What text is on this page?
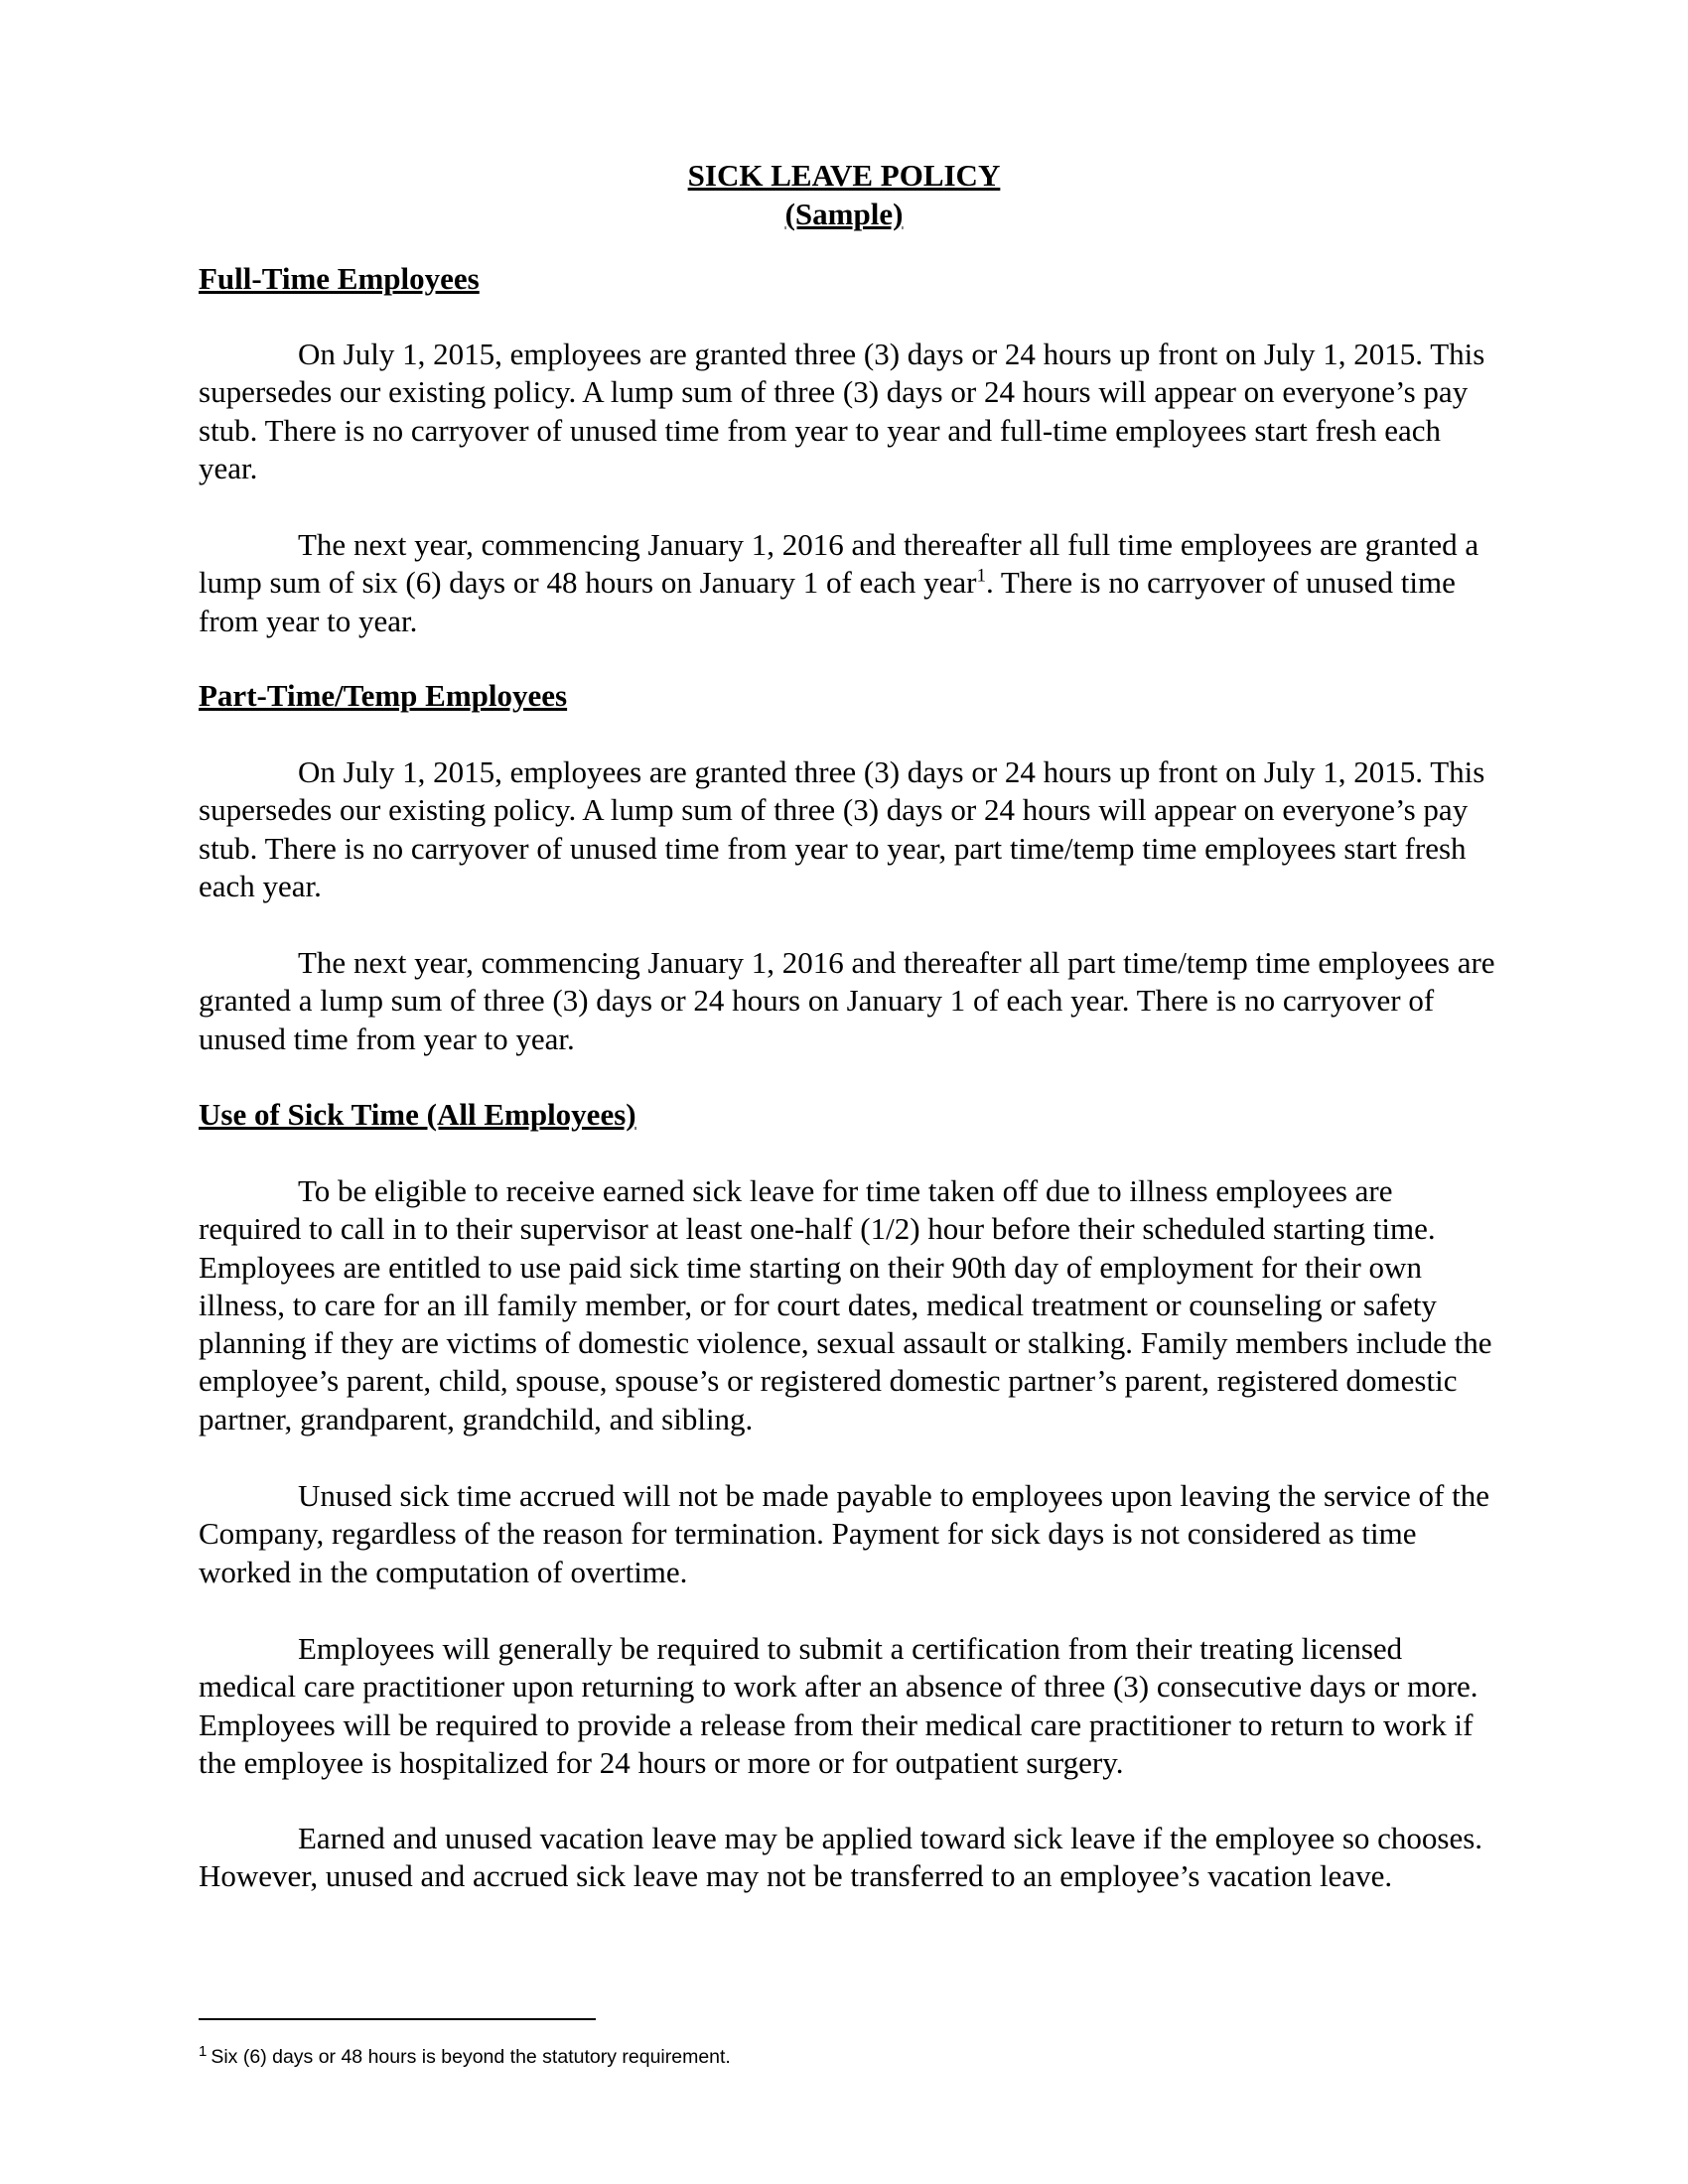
SICK LEAVE POLICY
(Sample)
Full-Time Employees

On July 1, 2015, employees are granted three (3) days or 24 hours up front on July 1, 2015. This supersedes our existing policy. A lump sum of three (3) days or 24 hours will appear on everyone’s pay stub. There is no carryover of unused time from year to year and full-time employees start fresh each year.

The next year, commencing January 1, 2016 and thereafter all full time employees are granted a lump sum of six (6) days or 48 hours on January 1 of each year$^1$. There is no carryover of unused time from year to year.

Part-Time/Temp Employees

On July 1, 2015, employees are granted three (3) days or 24 hours up front on July 1, 2015. This supersedes our existing policy. A lump sum of three (3) days or 24 hours will appear on everyone’s pay stub. There is no carryover of unused time from year to year, part time/temp time employees start fresh each year.

The next year, commencing January 1, 2016 and thereafter all part time/temp time employees are granted a lump sum of three (3) days or 24 hours on January 1 of each year. There is no carryover of unused time from year to year.

Use of Sick Time (All Employees)

To be eligible to receive earned sick leave for time taken off due to illness employees are required to call in to their supervisor at least one-half (1/2) hour before their scheduled starting time. Employees are entitled to use paid sick time starting on their 90th day of employment for their own illness, to care for an ill family member, or for court dates, medical treatment or counseling or safety planning if they are victims of domestic violence, sexual assault or stalking. Family members include the employee’s parent, child, spouse, spouse’s or registered domestic partner’s parent, registered domestic partner, grandparent, grandchild, and sibling.

Unused sick time accrued will not be made payable to employees upon leaving the service of the Company, regardless of the reason for termination. Payment for sick days is not considered as time worked in the computation of overtime.

Employees will generally be required to submit a certification from their treating licensed medical care practitioner upon returning to work after an absence of three (3) consecutive days or more. Employees will be required to provide a release from their medical care practitioner to return to work if the employee is hospitalized for 24 hours or more or for outpatient surgery.

Earned and unused vacation leave may be applied toward sick leave if the employee so chooses. However, unused and accrued sick leave may not be transferred to an employee’s vacation leave.

$^1$ Six (6) days or 48 hours is beyond the statutory requirement.
